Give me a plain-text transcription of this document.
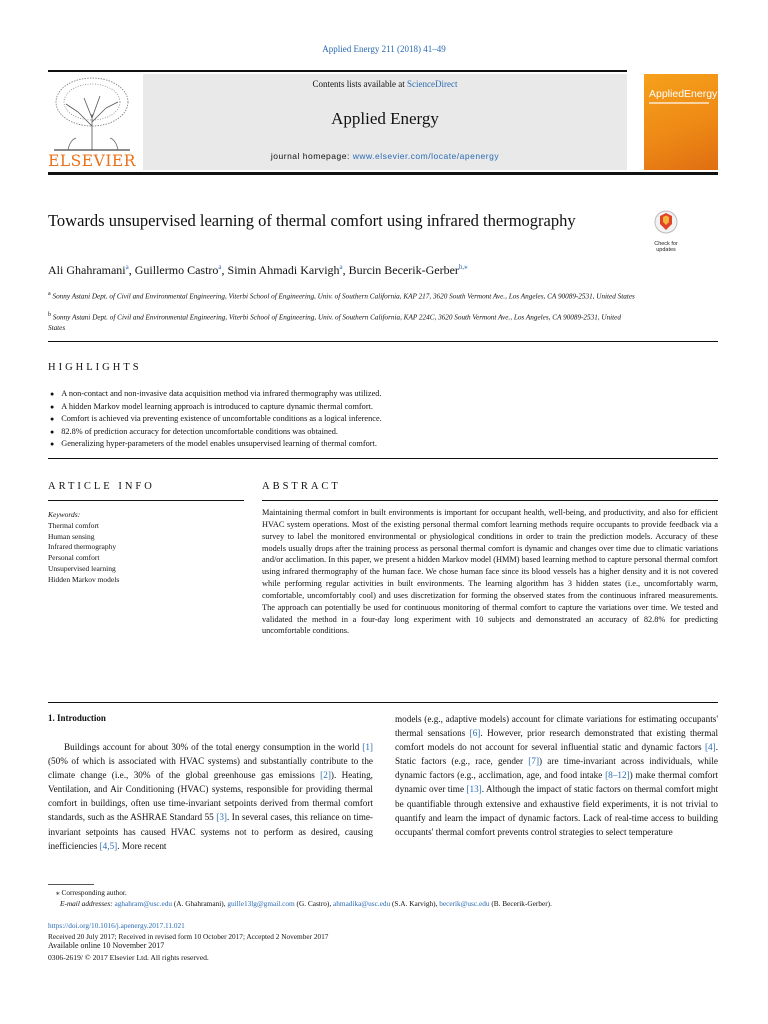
Applied Energy 211 (2018) 41–49
ELSEVIER
Contents lists available at ScienceDirect
Applied Energy
journal homepage: www.elsevier.com/locate/apenergy
AppliedEnergy
Towards unsupervised learning of thermal comfort using infrared thermography
Check for
updates
Ali Ghahramani$^a$, Guillermo Castro$^a$, Simin Ahmadi Karvigh$^a$, Burcin Becerik-Gerber$^{b,⁎}$
$^a$ Sonny Astani Dept. of Civil and Environmental Engineering, Viterbi School of Engineering, Univ. of Southern California, KAP 217, 3620 South Vermont Ave., Los Angeles, CA 90089-2531, United States
$^b$ Sonny Astani Dept. of Civil and Environmental Engineering, Viterbi School of Engineering, Univ. of Southern California, KAP 224C, 3620 South Vermont Ave., Los Angeles, CA 90089-2531, United States
HIGHLIGHTS
● A non-contact and non-invasive data acquisition method via infrared thermography was utilized.
● A hidden Markov model learning approach is introduced to capture dynamic thermal comfort.
● Comfort is achieved via preventing existence of uncomfortable conditions as a logical inference.
● 82.8% of prediction accuracy for detection uncomfortable conditions was obtained.
● Generalizing hyper-parameters of the model enables unsupervised learning of thermal comfort.
ARTICLE INFO	ABSTRACT
Keywords:
Thermal comfort
Human sensing
Infrared thermography
Personal comfort
Unsupervised learning
Hidden Markov models
Maintaining thermal comfort in built environments is important for occupant health, well-being, and productivity, and also for efficient HVAC system operations. Most of the existing personal thermal comfort learning methods require occupants to provide feedback via a survey to label the monitored environmental or physiological conditions in order to train the prediction models. Accuracy of these models usually drops after the training process as personal thermal comfort is dynamic and changes over time due to climatic variations and/or acclimation. In this paper, we present a hidden Markov model (HMM) based learning method to capture personal thermal comfort using infrared thermography of the human face. We chose human face since its blood vessels has a higher density and it is not covered while performing regular activities in built environments. The learning algorithm has 3 hidden states (i.e., uncomfortably warm, comfortable, uncomfortably cool) and uses discretization for forming the observed states from the continuous infrared measurements. The approach can potentially be used for continuous monitoring of thermal comfort to capture the variations over time. We tested and validated the method in a four-day long experiment with 10 subjects and demonstrated an accuracy of 82.8% for predicting uncomfortable conditions.
1. Introduction
Buildings account for about 30% of the total energy consumption in the world [1] (50% of which is associated with HVAC systems) and substantially contribute to the climate change (i.e., 30% of the global greenhouse gas emissions [2]). Heating, Ventilation, and Air Conditioning (HVAC) systems, responsible for providing thermal comfort in buildings, often use time-invariant setpoints derived from thermal comfort standards, such as the ASHRAE Standard 55 [3]. In several cases, this reliance on time-invariant setpoints has caused HVAC systems not to perform as desired, causing inefficiencies [4,5]. More recent
models (e.g., adaptive models) account for climate variations for estimating occupants' thermal sensations [6]. However, prior research demonstrated that existing thermal comfort models do not account for several influential static and dynamic factors [4]. Static factors (e.g., race, gender [7]) are time-invariant across individuals, while dynamic factors (e.g., acclimation, age, and food intake [8–12]) make thermal comfort dynamic over time [13]. Although the impact of static factors on thermal comfort might be quantifiable through extensive and exhaustive field experiments, it is not trivial to quantify and learn the impact of dynamic factors. Lack of real-time access to building occupants' thermal comfort prevents control strategies to select temperature
⁎ Corresponding author.
E-mail addresses: aghahram@usc.edu (A. Ghahramani), guille13lg@gmail.com (G. Castro), ahmadika@usc.edu (S.A. Karvigh), becerik@usc.edu (B. Becerik-Gerber).
https://doi.org/10.1016/j.apenergy.2017.11.021
Received 20 July 2017; Received in revised form 10 October 2017; Accepted 2 November 2017
Available online 10 November 2017
0306-2619/ © 2017 Elsevier Ltd. All rights reserved.
